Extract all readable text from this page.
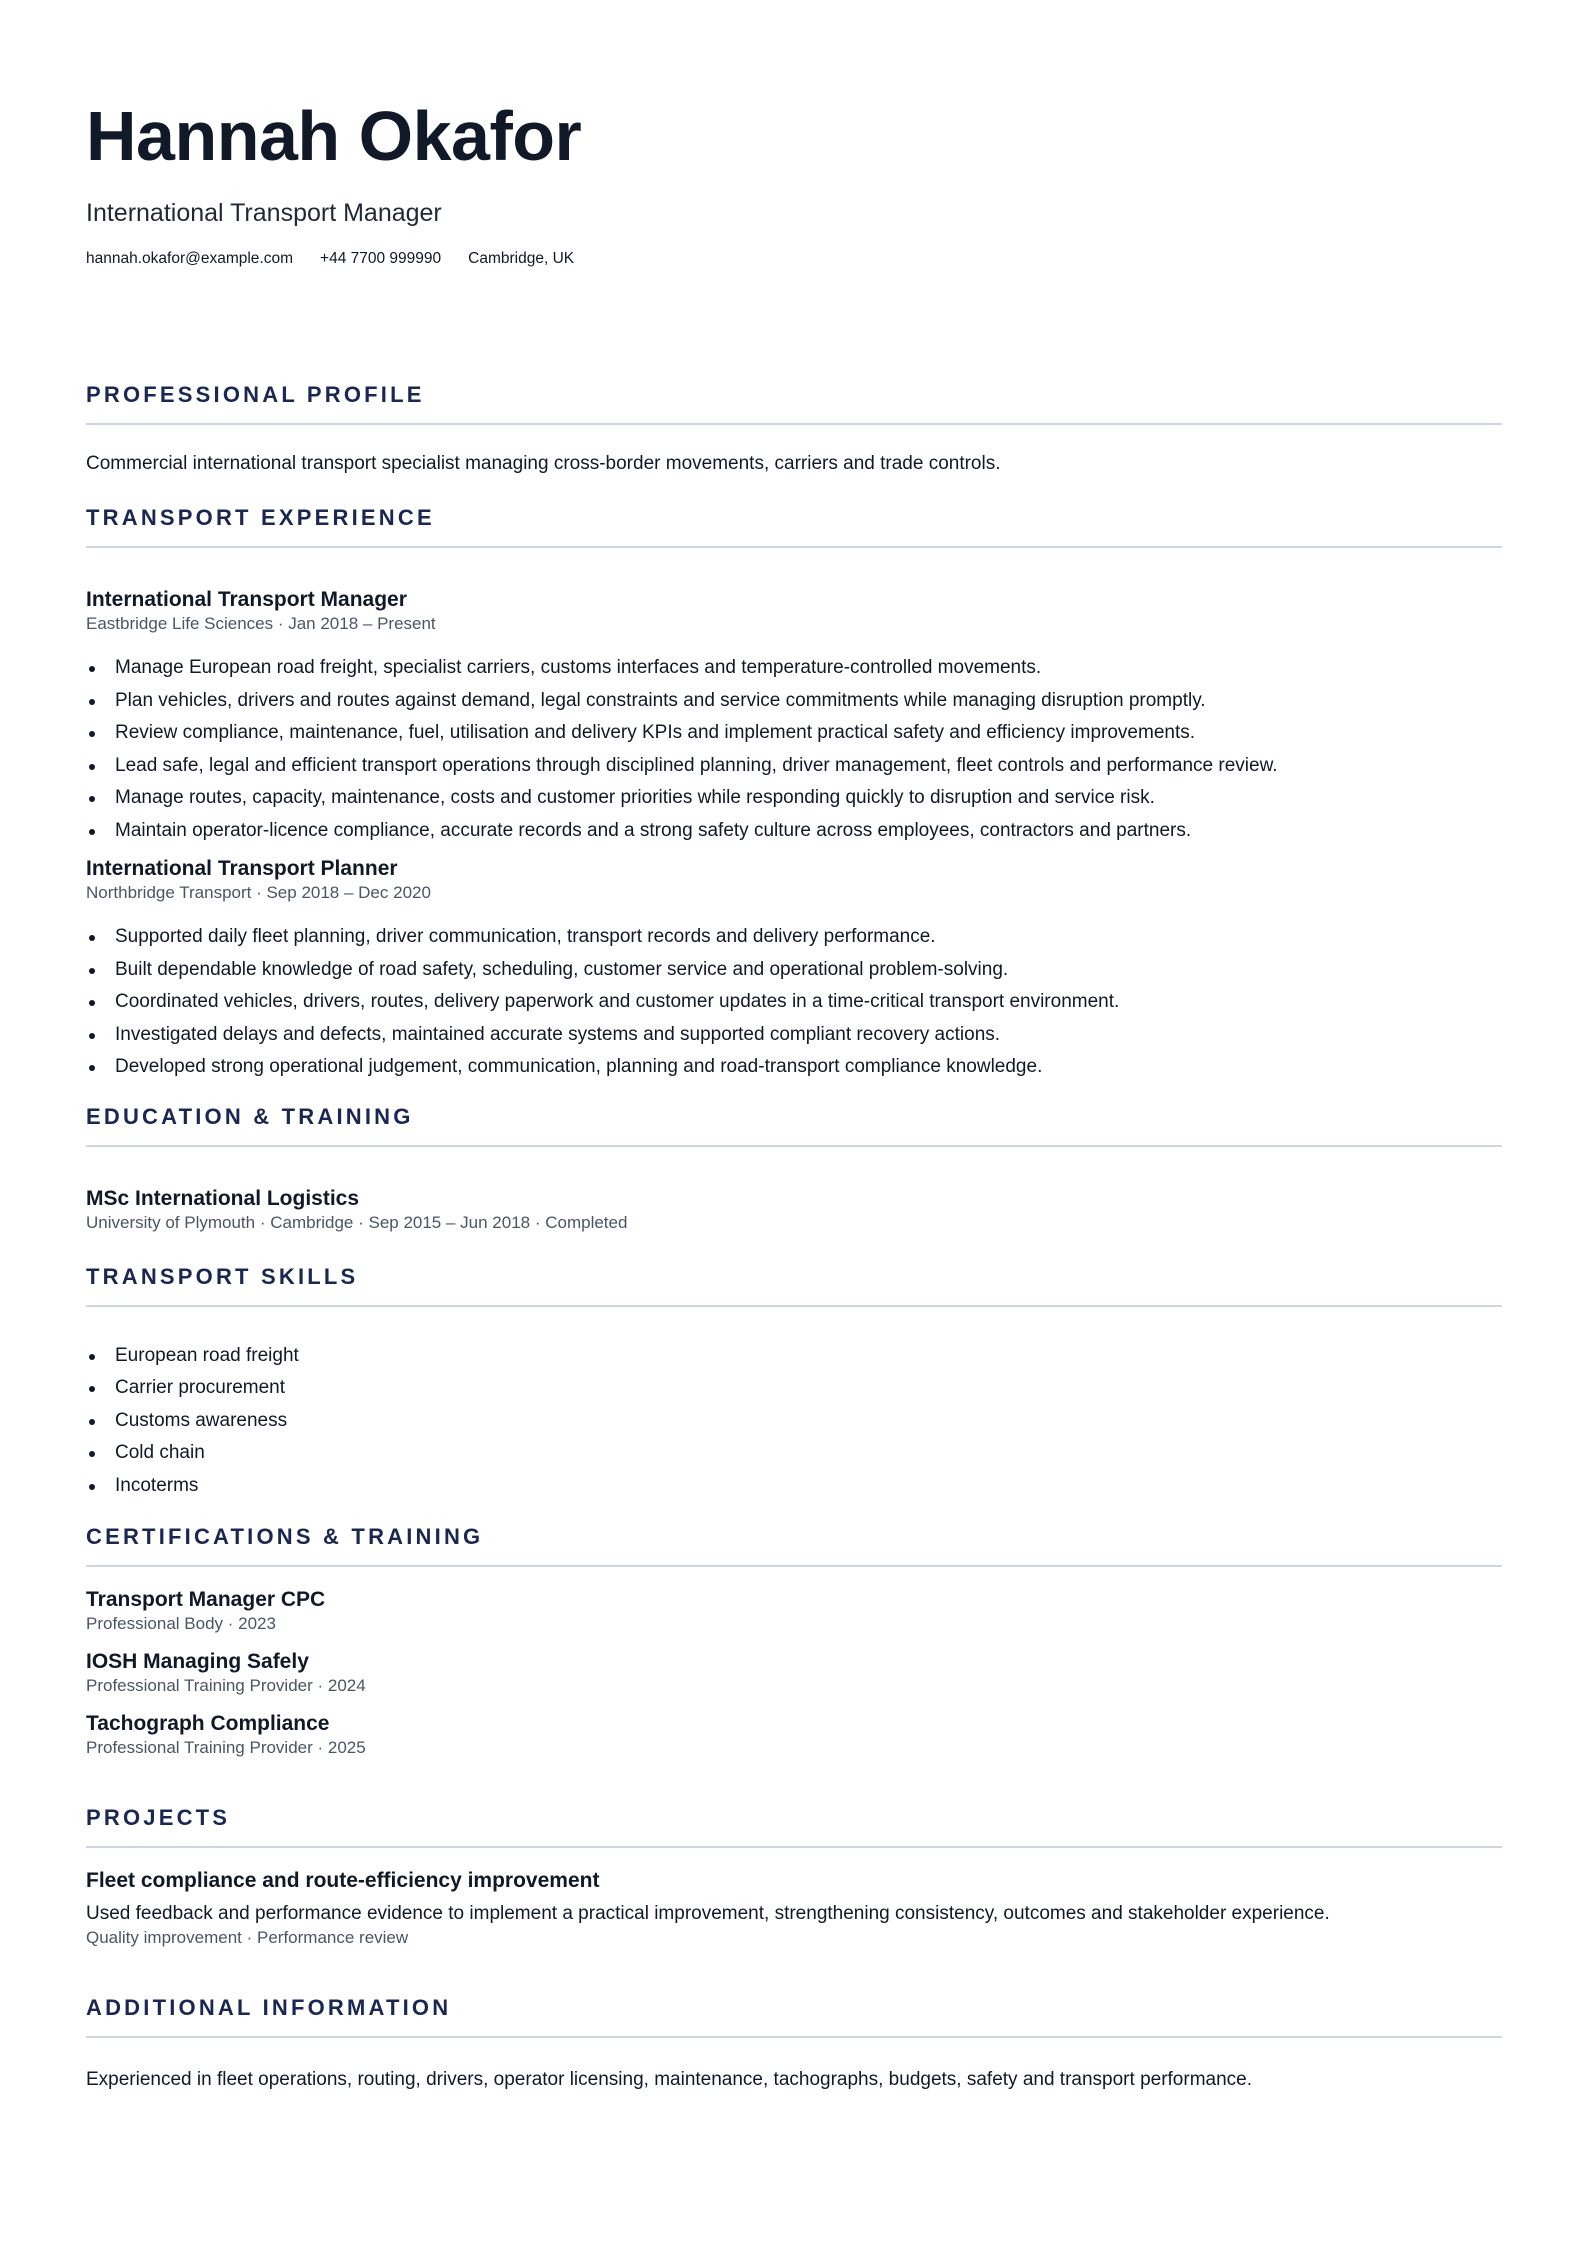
Hannah Okafor
International Transport Manager
hannah.okafor@example.com +44 7700 999990 Cambridge, UK
PROFESSIONAL PROFILE
Commercial international transport specialist managing cross-border movements, carriers and trade controls.
TRANSPORT EXPERIENCE
International Transport Manager
Eastbridge Life Sciences · Jan 2018 – Present
Manage European road freight, specialist carriers, customs interfaces and temperature-controlled movements.
Plan vehicles, drivers and routes against demand, legal constraints and service commitments while managing disruption promptly.
Review compliance, maintenance, fuel, utilisation and delivery KPIs and implement practical safety and efficiency improvements.
Lead safe, legal and efficient transport operations through disciplined planning, driver management, fleet controls and performance review.
Manage routes, capacity, maintenance, costs and customer priorities while responding quickly to disruption and service risk.
Maintain operator-licence compliance, accurate records and a strong safety culture across employees, contractors and partners.
International Transport Planner
Northbridge Transport · Sep 2018 – Dec 2020
Supported daily fleet planning, driver communication, transport records and delivery performance.
Built dependable knowledge of road safety, scheduling, customer service and operational problem-solving.
Coordinated vehicles, drivers, routes, delivery paperwork and customer updates in a time-critical transport environment.
Investigated delays and defects, maintained accurate systems and supported compliant recovery actions.
Developed strong operational judgement, communication, planning and road-transport compliance knowledge.
EDUCATION & TRAINING
MSc International Logistics
University of Plymouth · Cambridge · Sep 2015 – Jun 2018 · Completed
TRANSPORT SKILLS
European road freight
Carrier procurement
Customs awareness
Cold chain
Incoterms
CERTIFICATIONS & TRAINING
Transport Manager CPC
Professional Body · 2023
IOSH Managing Safely
Professional Training Provider · 2024
Tachograph Compliance
Professional Training Provider · 2025
PROJECTS
Fleet compliance and route-efficiency improvement
Used feedback and performance evidence to implement a practical improvement, strengthening consistency, outcomes and stakeholder experience.
Quality improvement · Performance review
ADDITIONAL INFORMATION
Experienced in fleet operations, routing, drivers, operator licensing, maintenance, tachographs, budgets, safety and transport performance.
